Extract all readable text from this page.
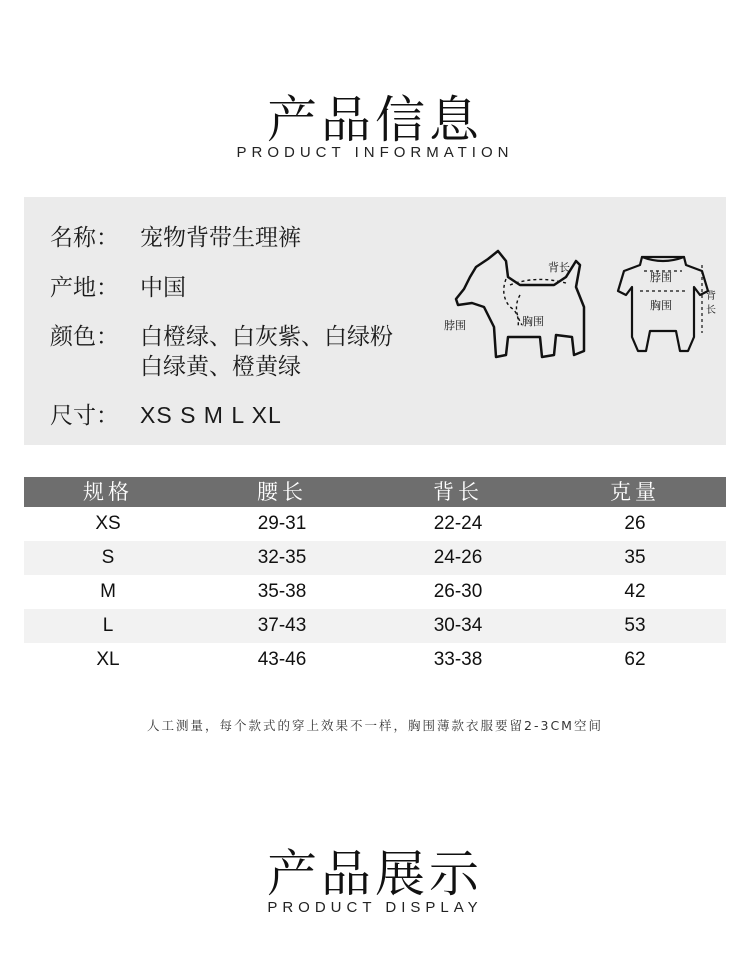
产品信息
PRODUCT INFORMATION
名称： 宠物背带生理裤
产地： 中国
颜色： 白橙绿、白灰紫、白绿粉
白绿黄、橙黄绿
尺寸： XS S M L XL
背长
脖围	胸围
脖围
胸围
背
长
规格	腰长	背长	克量
XS	29-31	22-24	26
S	32-35	24-26	35
M	35-38	26-30	42
L	37-43	30-34	53
XL	43-46	33-38	62
人工测量，每个款式的穿上效果不一样，胸围薄款衣服要留2-3CM空间
产品展示
PRODUCT DISPLAY
